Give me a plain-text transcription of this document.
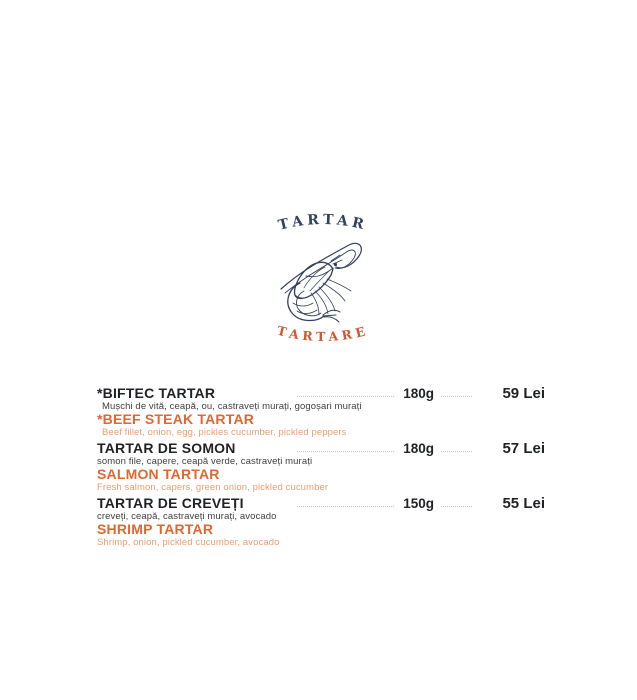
TARTAR
TARTARE
*BIFTEC TARTAR	180g	59 Lei
Mușchi de vită, ceapă, ou, castraveți murați, gogoșari murați
*BEEF STEAK TARTAR
Beef fillet, onion, egg, pickles cucumber, pickled peppers
TARTAR DE SOMON	180g	57 Lei
somon file, capere, ceapă verde, castraveți murați
SALMON TARTAR
Fresh salmon, capers, green onion, pickled cucumber
TARTAR DE CREVEȚI	150g	55 Lei
creveți, ceapă, castraveți murați, avocado
SHRIMP TARTAR
Shrimp, onion, pickled cucumber, avocado
